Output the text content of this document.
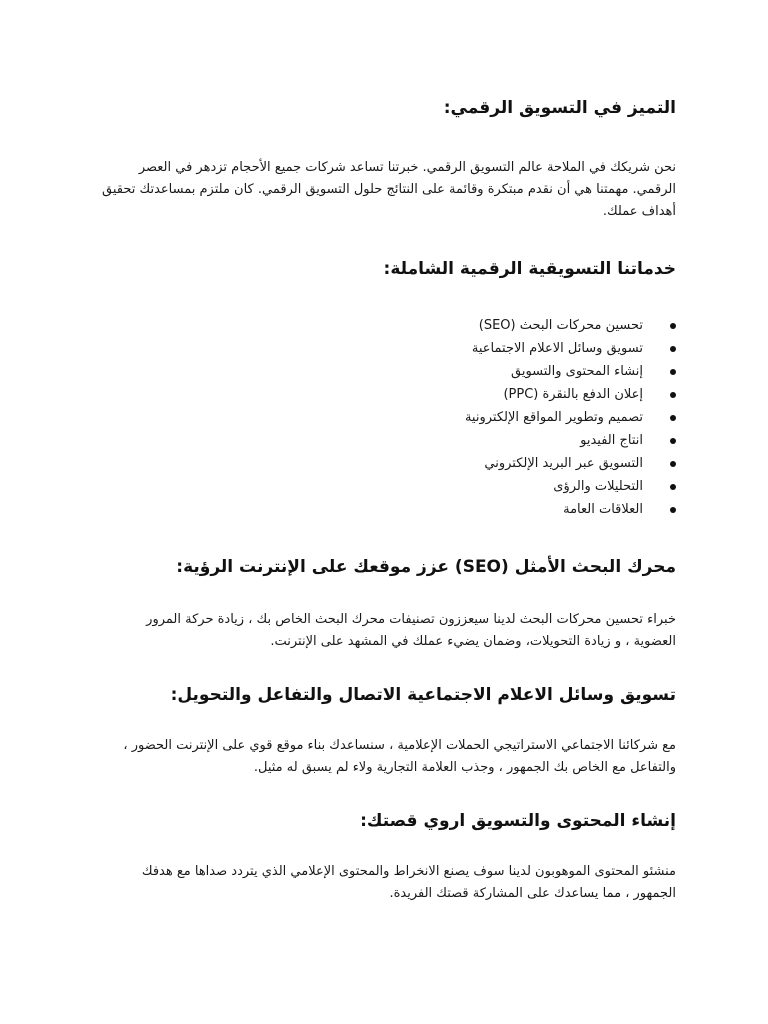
التميز في التسويق الرقمي:

نحن شريكك في الملاحة عالم التسويق الرقمي. خبرتنا تساعد شركات جميع الأحجام تزدهر في العصر
الرقمي. مهمتنا هي أن نقدم مبتكرة وقائمة على النتائج حلول التسويق الرقمي. كان ملتزم بمساعدتك تحقيق
أهداف عملك.

خدماتنا التسويقية الرقمية الشاملة:
تحسين محركات البحث (SEO)
تسويق وسائل الاعلام الاجتماعية
إنشاء المحتوى والتسويق
إعلان الدفع بالنقرة (PPC)
تصميم وتطوير المواقع الإلكترونية
انتاج الفيديو
التسويق عبر البريد الإلكتروني
التحليلات والرؤى
العلاقات العامة
محرك البحث الأمثل (SEO) عزز موقعك على الإنترنت الرؤية:

خبراء تحسين محركات البحث لدينا سيعززون تصنيفات محرك البحث الخاص بك ، زيادة حركة المرور
العضوية ، و زيادة التحويلات، وضمان يضيء عملك في المشهد على الإنترنت.

تسويق وسائل الاعلام الاجتماعية الاتصال والتفاعل والتحويل:

مع شركائنا الاجتماعي الاستراتيجي الحملات الإعلامية ، سنساعدك بناء موقع قوي على الإنترنت الحضور ،
والتفاعل مع الخاص بك الجمهور ، وجذب العلامة التجارية ولاء لم يسبق له مثيل.

إنشاء المحتوى والتسويق اروي قصتك:

منشئو المحتوى الموهوبون لدينا سوف يصنع الانخراط والمحتوى الإعلامي الذي يتردد صداها مع هدفك
الجمهور ، مما يساعدك على المشاركة قصتك الفريدة.
